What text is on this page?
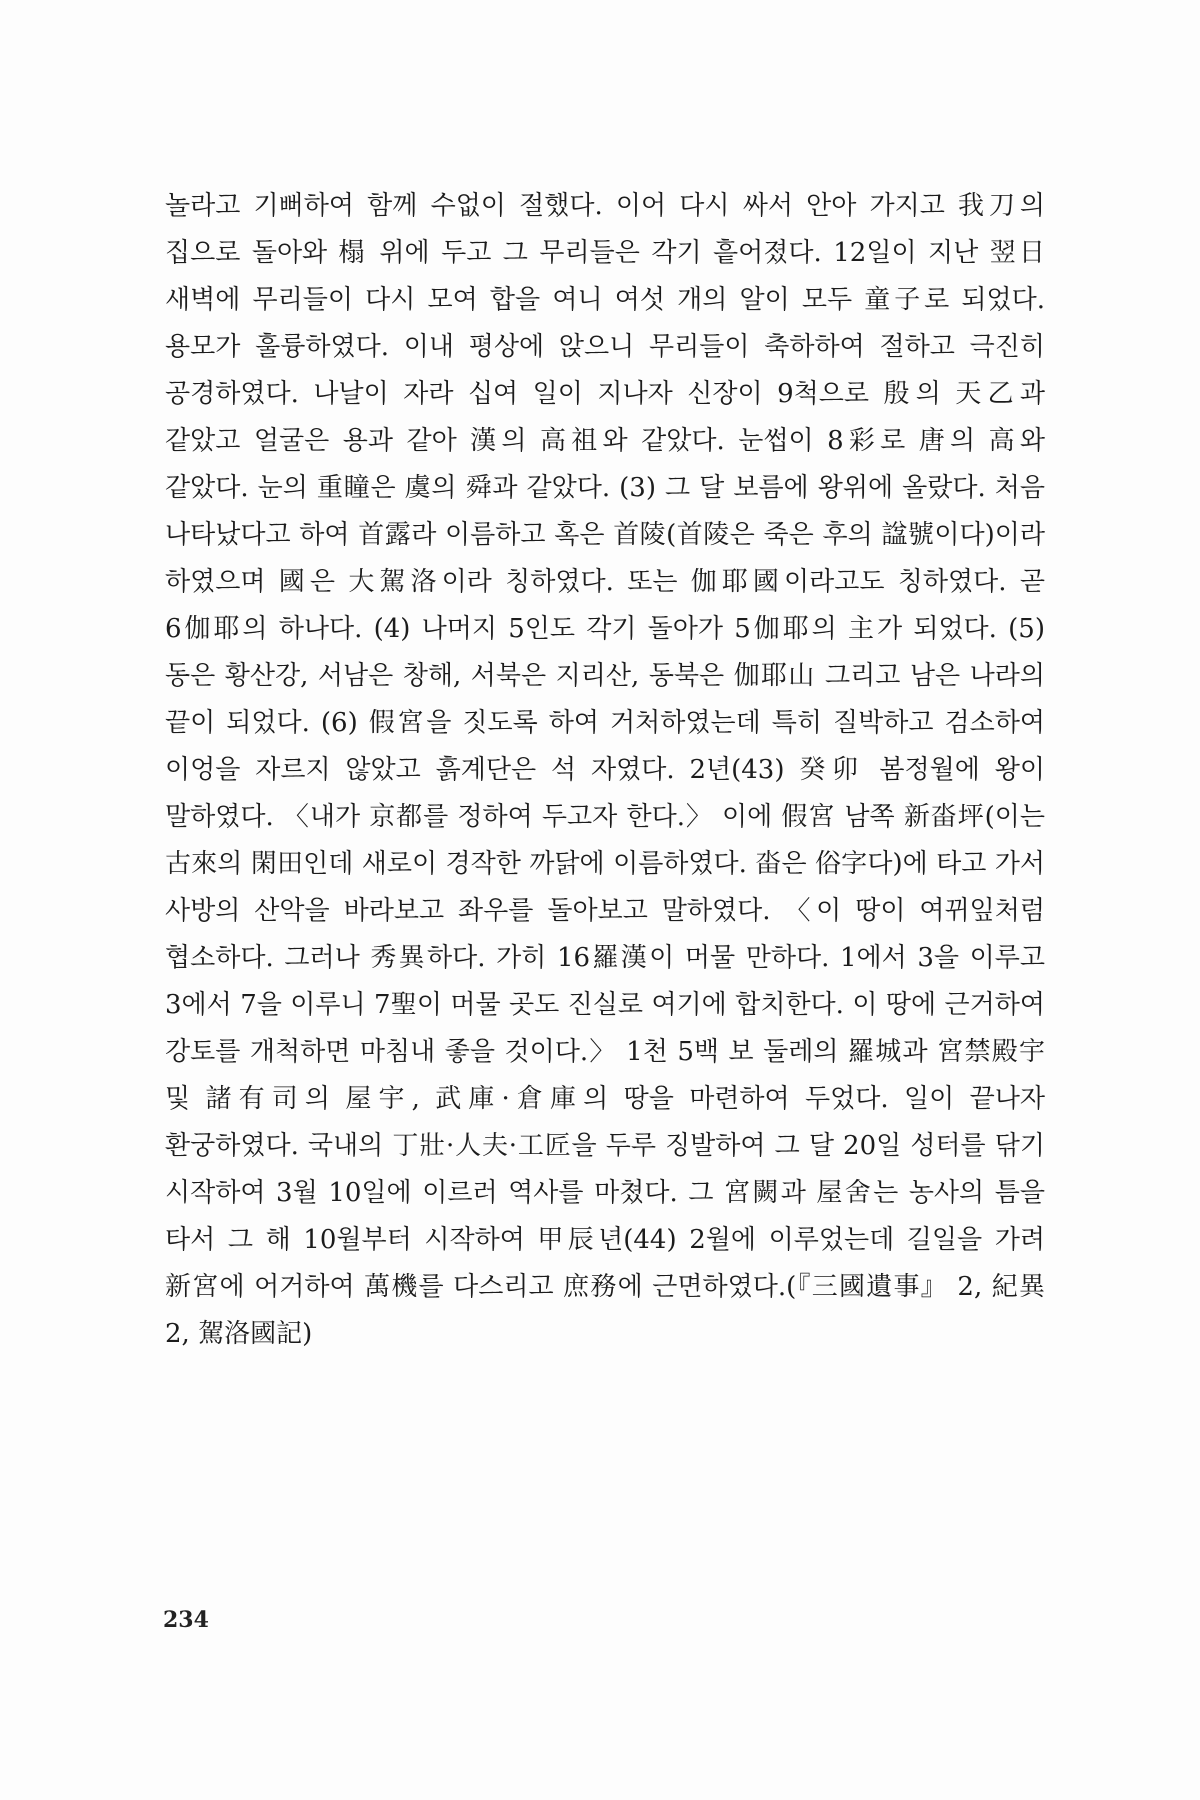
놀라고 기뻐하여 함께 수없이 절했다. 이어 다시 싸서 안아 가지고 我刀의 집으로 돌아와 榻 위에 두고 그 무리들은 각기 흩어졌다. 12일이 지난 翌日 새벽에 무리들이 다시 모여 합을 여니 여섯 개의 알이 모두 童子로 되었다. 용모가 훌륭하였다. 이내 평상에 앉으니 무리들이 축하하여 절하고 극진히 공경하였다. 나날이 자라 십여 일이 지나자 신장이 9척으로 殷의 天乙과 같았고 얼굴은 용과 같아 漢의 高祖와 같았다. 눈썹이 8彩로 唐의 高와 같았다. 눈의 重瞳은 虞의 舜과 같았다. (3) 그 달 보름에 왕위에 올랐다. 처음 나타났다고 하여 首露라 이름하고 혹은 首陵(首陵은 죽은 후의 諡號이다)이라 하였으며 國은 大駕洛이라 칭하였다. 또는 伽耶國이라고도 칭하였다. 곧 6伽耶의 하나다. (4) 나머지 5인도 각기 돌아가 5伽耶의 主가 되었다. (5) 동은 황산강, 서남은 창해, 서북은 지리산, 동북은 伽耶山 그리고 남은 나라의 끝이 되었다. (6) 假宮을 짓도록 하여 거처하였는데 특히 질박하고 검소하여 이엉을 자르지 않았고 흙계단은 석 자였다. 2년(43) 癸卯 봄정월에 왕이 말하였다. 〈내가 京都를 정하여 두고자 한다.〉 이에 假宮 남쪽 新畓坪(이는 古來의 閑田인데 새로이 경작한 까닭에 이름하였다. 畓은 俗字다)에 타고 가서 사방의 산악을 바라보고 좌우를 돌아보고 말하였다. 〈이 땅이 여뀌잎처럼 협소하다. 그러나 秀異하다. 가히 16羅漢이 머물 만하다. 1에서 3을 이루고 3에서 7을 이루니 7聖이 머물 곳도 진실로 여기에 합치한다. 이 땅에 근거하여 강토를 개척하면 마침내 좋을 것이다.〉 1천 5백 보 둘레의 羅城과 宮禁殿宇 및 諸有司의 屋宇, 武庫·倉庫의 땅을 마련하여 두었다. 일이 끝나자 환궁하였다. 국내의 丁壯·人夫·工匠을 두루 징발하여 그 달 20일 성터를 닦기 시작하여 3월 10일에 이르러 역사를 마쳤다. 그 宮闕과 屋舍는 농사의 틈을 타서 그 해 10월부터 시작하여 甲辰년(44) 2월에 이루었는데 길일을 가려 新宮에 어거하여 萬機를 다스리고 庶務에 근면하였다.(『三國遺事』 2, 紀異 2, 駕洛國記)

234
